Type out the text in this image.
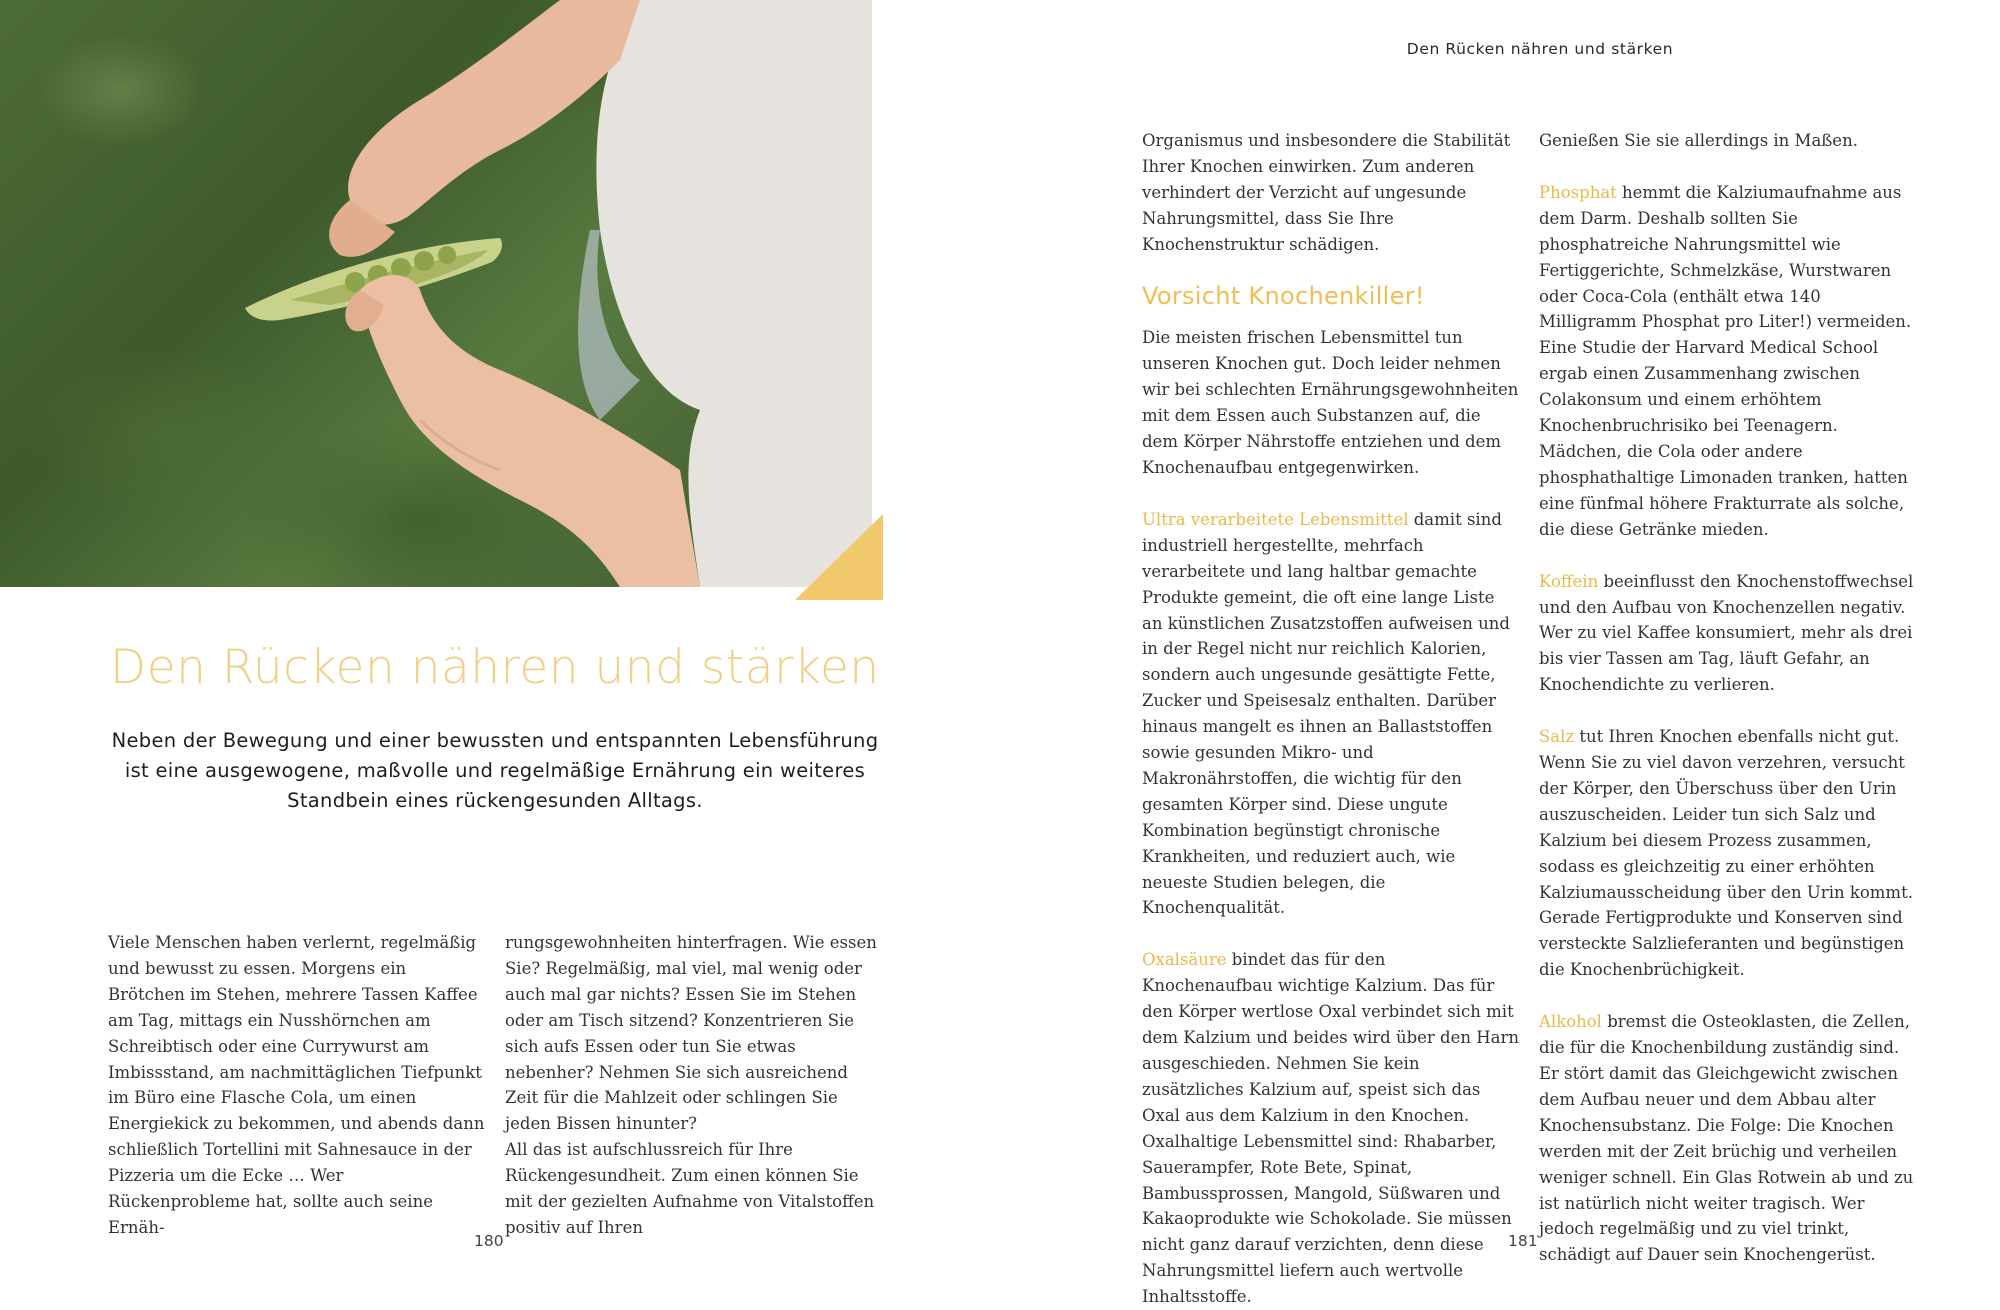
Den Rücken nähren und stärken
Neben der Bewegung und einer bewussten und entspannten Lebensführung ist eine ausgewogene, maßvolle und regelmäßige Ernährung ein weiteres Standbein eines rückengesunden Alltags.

Viele Menschen haben verlernt, regelmäßig und bewusst zu essen. Morgens ein Brötchen im Stehen, mehrere Tassen Kaffee am Tag, mittags ein Nusshörnchen am Schreibtisch oder eine Currywurst am Imbissstand, am nachmittäglichen Tiefpunkt im Büro eine Flasche Cola, um einen Energiekick zu bekommen, und abends dann schließlich Tortellini mit Sahnesauce in der Pizzeria um die Ecke … Wer Rückenprobleme hat, sollte auch seine Ernäh-

rungsgewohnheiten hinterfragen. Wie essen Sie? Regelmäßig, mal viel, mal wenig oder auch mal gar nichts? Essen Sie im Stehen oder am Tisch sitzend? Konzentrieren Sie sich aufs Essen oder tun Sie etwas nebenher? Nehmen Sie sich ausreichend Zeit für die Mahlzeit oder schlingen Sie jeden Bissen hinunter?

All das ist aufschlussreich für Ihre Rückengesundheit. Zum einen können Sie mit der gezielten Aufnahme von Vitalstoffen positiv auf Ihren

180
Den Rücken nähren und stärken

Organismus und insbesondere die Stabilität Ihrer Knochen einwirken. Zum anderen verhindert der Verzicht auf ungesunde Nahrungsmittel, dass Sie Ihre Knochenstruktur schädigen.

Vorsicht Knochenkiller!

Die meisten frischen Lebensmittel tun unseren Knochen gut. Doch leider nehmen wir bei schlechten Ernährungsgewohnheiten mit dem Essen auch Substanzen auf, die dem Körper Nährstoffe entziehen und dem Knochenaufbau entgegenwirken.

Ultra verarbeitete Lebensmittel damit sind industriell hergestellte, mehrfach verarbeitete und lang haltbar gemachte Produkte gemeint, die oft eine lange Liste an künstlichen Zusatzstoffen aufweisen und in der Regel nicht nur reichlich Kalorien, sondern auch ungesunde gesättigte Fette, Zucker und Speisesalz enthalten. Darüber hinaus mangelt es ihnen an Ballaststoffen sowie gesunden Mikro- und Makronährstoffen, die wichtig für den gesamten Körper sind. Diese ungute Kombination begünstigt chronische Krankheiten, und reduziert auch, wie neueste Studien belegen, die Knochenqualität.

Oxalsäure bindet das für den Knochenaufbau wichtige Kalzium. Das für den Körper wertlose Oxal verbindet sich mit dem Kalzium und beides wird über den Harn ausgeschieden. Nehmen Sie kein zusätzliches Kalzium auf, speist sich das Oxal aus dem Kalzium in den Knochen. Oxalhaltige Lebensmittel sind: Rhabarber, Sauerampfer, Rote Bete, Spinat, Bambussprossen, Mangold, Süßwaren und Kakaoprodukte wie Schokolade. Sie müssen nicht ganz darauf verzichten, denn diese Nahrungsmittel liefern auch wertvolle Inhaltsstoffe.

Genießen Sie sie allerdings in Maßen.

Phosphat hemmt die Kalziumaufnahme aus dem Darm. Deshalb sollten Sie phosphatreiche Nahrungsmittel wie Fertiggerichte, Schmelzkäse, Wurstwaren oder Coca-Cola (enthält etwa 140 Milligramm Phosphat pro Liter!) vermeiden. Eine Studie der Harvard Medical School ergab einen Zusammenhang zwischen Colakonsum und einem erhöhtem Knochenbruchrisiko bei Teenagern. Mädchen, die Cola oder andere phosphathaltige Limonaden tranken, hatten eine fünfmal höhere Frakturrate als solche, die diese Getränke mieden.

Koffein beeinflusst den Knochenstoffwechsel und den Aufbau von Knochenzellen negativ. Wer zu viel Kaffee konsumiert, mehr als drei bis vier Tassen am Tag, läuft Gefahr, an Knochendichte zu verlieren.

Salz tut Ihren Knochen ebenfalls nicht gut. Wenn Sie zu viel davon verzehren, versucht der Körper, den Überschuss über den Urin auszuscheiden. Leider tun sich Salz und Kalzium bei diesem Prozess zusammen, sodass es gleichzeitig zu einer erhöhten Kalziumausscheidung über den Urin kommt. Gerade Fertigprodukte und Konserven sind versteckte Salzlieferanten und begünstigen die Knochenbrüchigkeit.

Alkohol bremst die Osteoklasten, die Zellen, die für die Knochenbildung zuständig sind. Er stört damit das Gleichgewicht zwischen dem Aufbau neuer und dem Abbau alter Knochensubstanz. Die Folge: Die Knochen werden mit der Zeit brüchig und verheilen weniger schnell. Ein Glas Rotwein ab und zu ist natürlich nicht weiter tragisch. Wer jedoch regelmäßig und zu viel trinkt, schädigt auf Dauer sein Knochengerüst.

181
